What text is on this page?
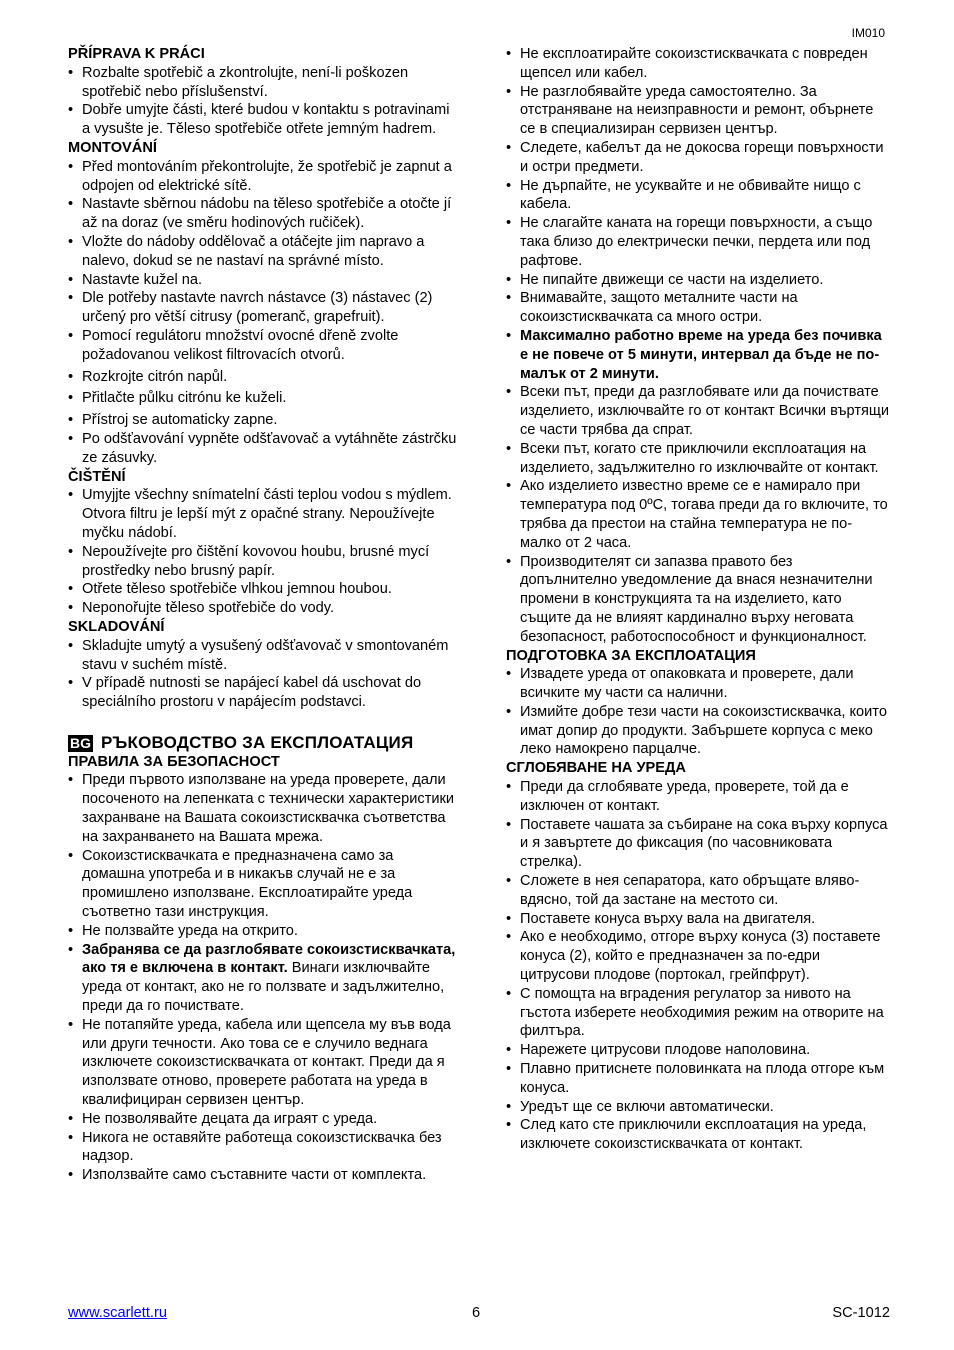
IM010

PŘÍPRAVA K PRÁCI

• Rozbalte spotřebič a zkontrolujte, není-li poškozen spotřebič nebo příslušenství.
• Dobře umyjte části, které budou v kontaktu s potravinami a vysušte je. Těleso spotřebiče otřete jemným hadrem.

MONTOVÁNÍ

• Před montováním překontrolujte, že spotřebič je zapnut a odpojen od elektrické sítě.
• Nastavte sběrnou nádobu na těleso spotřebiče a otočte jí až na doraz (ve směru hodinových ručiček).
• Vložte do nádoby oddělovač a otáčejte jim napravo a nalevo, dokud se ne nastaví na správné místo.
• Nastavte kužel na.
• Dle potřeby nastavte navrch nástavce (3) nástavec (2) určený pro větší citrusy (pomeranč, grapefruit).
• Pomocí regulátoru množství ovocné dřeně zvolte požadovanou velikost filtrovacích otvorů.
• Rozkrojte citrón napůl.
• Přitlačte půlku citrónu ke kuželi.
• Přístroj se automaticky zapne.
• Po odšťavování vypněte odšťavovač a vytáhněte zástrčku ze zásuvky.

ČIŠTĚNÍ

• Umyjjte všechny snímatelní části teplou vodou s mýdlem. Otvora filtru je lepší mýt z opačné strany. Nepoužívejte myčku nádobí.
• Nepoužívejte pro čištění kovovou houbu, brusné mycí prostředky nebo brusný papír.
• Otřete těleso spotřebiče vlhkou jemnou houbou.
• Neponořujte těleso spotřebiče do vody.

SKLADOVÁNÍ

• Skladujte umytý a vysušený odšťavovač v smontovaném stavu v suchém místě.
• V případě nutnosti se napájecí kabel dá uschovat do speciálního prostoru v napájecím podstavci.
BG РЪКОВОДСТВО ЗА ЕКСПЛОАТАЦИЯ

ПРАВИЛА ЗА БЕЗОПАСНОСТ

• Преди първото използване на уреда проверете, дали посоченото на лепенката с технически характеристики захранване на Вашата сокоизстисквачка съответства на захранването на Вашата мрежа.
• Сокоизстисквачката е предназначена само за домашна употреба и в никакъв случай не е за промишлено използване. Експлоатирайте уреда съответно тази инструкция.
• Не ползвайте уреда на открито.
• Забранява се да разглобявате сокоизстисквачката, ако тя е включена в контакт. Винаги изключвайте уреда от контакт, ако не го ползвате и задължително, преди да го почиствате.
• Не потапяйте уреда, кабела или щепсела му във вода или други течности. Ако това се е случило веднага изключете сокоизстисквачката от контакт. Преди да я използвате отново, проверете работата на уреда в квалифициран сервизен център.
• Не позволявайте децата да играят с уреда.
• Никога не оставяйте работеща сокоизстисквачка без надзор.
• Използвайте само съставните части от комплекта.
• Не експлоатирайте сокоизстисквачката с повреден щепсел или кабел.
• Не разглобявайте уреда самостоятелно. За отстраняване на неизправности и ремонт, обърнете се в специализиран сервизен център.
• Следете, кабелът да не докосва горещи повърхности и остри предмети.
• Не дърпайте, не усуквайте и не обвивайте нищо с кабела.
• Не слагайте каната на горещи повърхности, а също така близо до електрически печки, пердета или под рафтове.
• Не пипайте движещи се части на изделието.
• Внимавайте, защото металните части на сокоизстисквачката са много остри.
• Максимално работно време на уреда без почивка е не повече от 5 минути, интервал да бъде не по-малък от 2 минути.
• Всеки път, преди да разглобявате или да почиствате изделието, изключвайте го от контакт Всички въртящи се части трябва да спрат.
• Всеки път, когато сте приключили експлоатация на изделието, задължително го изключвайте от контакт.
• Ако изделието известно време се е намирало при температура под 0ºC, тогава преди да го включите, то трябва да престои на стайна температура не по-малко от 2 часа.
• Производителят си запазва правото без допълнително уведомление да внася незначителни промени в конструкцията та на изделието, като същите да не влияят кардинално върху неговата безопасност, работоспособност и функционалност.

ПОДГОТОВКА ЗА ЕКСПЛОАТАЦИЯ

• Извадете уреда от опаковката и проверете, дали всичките му части са налични.
• Измийте добре тези части на сокоизстисквачка, които имат допир до продукти. Забършете корпуса с меко леко намокрено парцалче.

СГЛОБЯВАНЕ НА УРЕДА

• Преди да сглобявате уреда, проверете, той да е изключен от контакт.
• Поставете чашата за събиране на сока върху корпуса и я завъртете до фиксация (по часовниковата стрелка).
• Сложете в нея сепаратора, като обръщате вляво-вдясно, той да застане на местото си.
• Поставете конуса върху вала на двигателя.
• Ако е необходимо, отгоре върху конуса (3) поставете конуса (2), който е предназначен за по-едри цитрусови плодове (портокал, грейпфрут).
• С помощта на вградения регулатор за нивото на гъстота изберете необходимия режим на отворите на филтъра.
• Нарежете цитрусови плодове наполовина.
• Плавно притиснете половинката на плода отгоре към конуса.
• Уредът ще се включи автоматически.
• След като сте приключили експлоатация на уреда, изключете сокоизстисквачката от контакт.
www.scarlett.ru	6	SC-1012
